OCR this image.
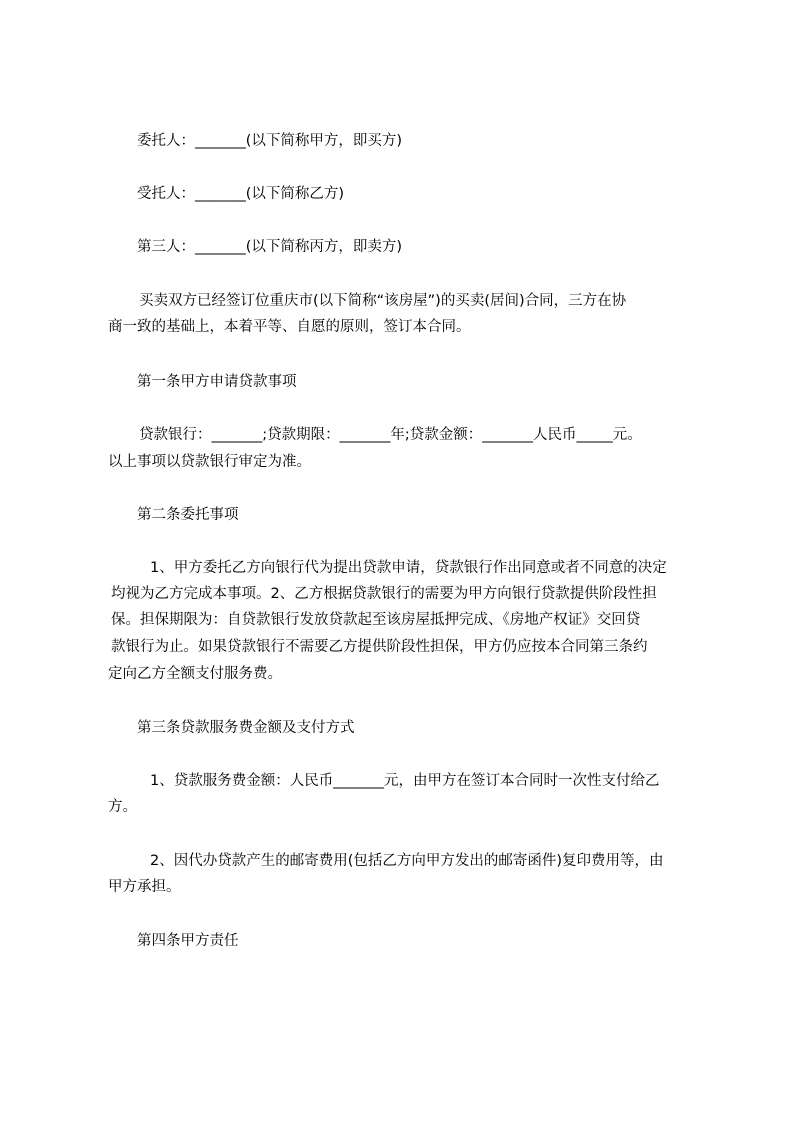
委托人：_______(以下简称甲方，即买方)
受托人：_______(以下简称乙方)
第三人：_______(以下简称丙方，即卖方)
买卖双方已经签订位重庆市(以下简称“该房屋”)的买卖(居间)合同，三方在协
商一致的基础上，本着平等、自愿的原则，签订本合同。
第一条甲方申请贷款事项
贷款银行：_______;贷款期限：_______年;贷款金额：_______人民币_____元。
以上事项以贷款银行审定为准。
第二条委托事项
1、甲方委托乙方向银行代为提出贷款申请，贷款银行作出同意或者不同意的决定
均视为乙方完成本事项。2、乙方根据贷款银行的需要为甲方向银行贷款提供阶段性担
保。担保期限为：自贷款银行发放贷款起至该房屋抵押完成、《房地产权证》交回贷
款银行为止。如果贷款银行不需要乙方提供阶段性担保，甲方仍应按本合同第三条约
定向乙方全额支付服务费。
第三条贷款服务费金额及支付方式
1、贷款服务费金额：人民币_______元，由甲方在签订本合同时一次性支付给乙
方。
2、因代办贷款产生的邮寄费用(包括乙方向甲方发出的邮寄函件)复印费用等，由
甲方承担。
第四条甲方责任
